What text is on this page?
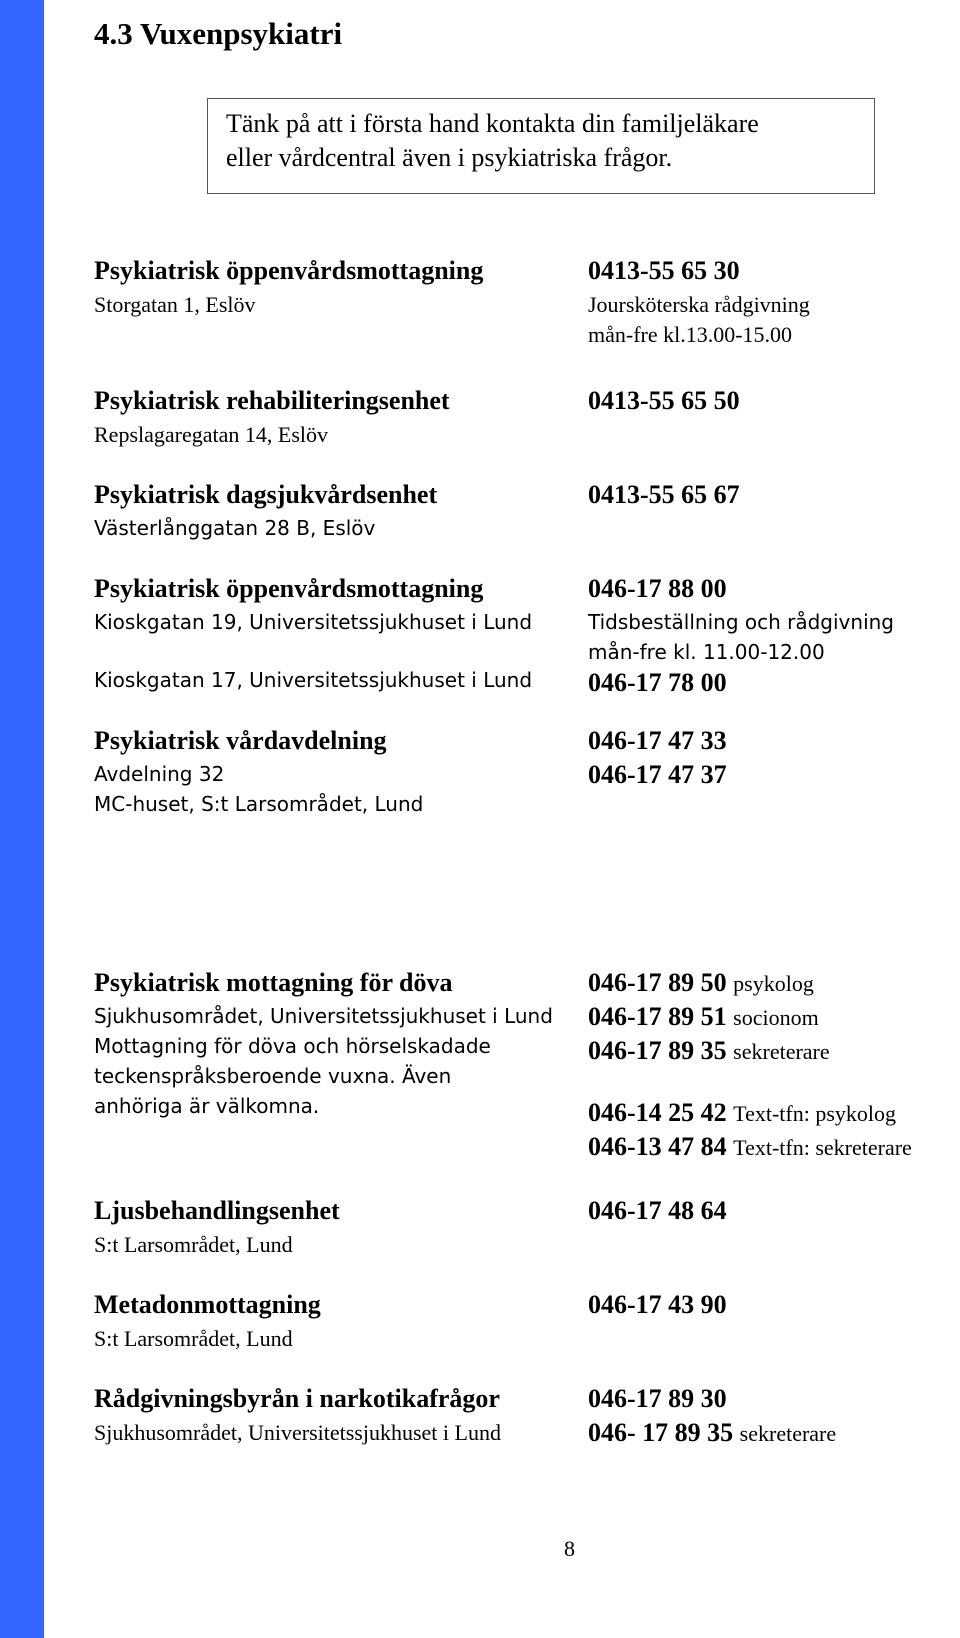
4.3 Vuxenpsykiatri
Tänk på att i första hand kontakta din familjeläkare
eller vårdcentral även i psykiatriska frågor.
Psykiatrisk öppenvårdsmottagning
Storgatan 1, Eslöv
0413-55 65 30
Joursköterska rådgivning
mån-fre kl.13.00-15.00
Psykiatrisk rehabiliteringsenhet
Repslagaregatan 14, Eslöv
0413-55 65 50
Psykiatrisk dagsjukvårdsenhet
Västerlånggatan 28 B, Eslöv
0413-55 65 67
Psykiatrisk öppenvårdsmottagning
Kioskgatan 19, Universitetssjukhuset i Lund
046-17 88 00
Tidsbeställning och rådgivning
mån-fre kl. 11.00-12.00
Kioskgatan 17, Universitetssjukhuset i Lund 046-17 78 00
Psykiatrisk vårdavdelning
Avdelning 32
MC-huset, S:t Larsområdet, Lund
046-17 47 33
046-17 47 37
Psykiatrisk mottagning för döva
Sjukhusområdet, Universitetssjukhuset i Lund
Mottagning för döva och hörselskadade
teckenspråksberoende vuxna. Även
anhöriga är välkomna.
046-17 89 50 psykolog
046-17 89 51 socionom
046-17 89 35 sekreterare
046-14 25 42 Text-tfn: psykolog
046-13 47 84 Text-tfn: sekreterare
Ljusbehandlingsenhet
S:t Larsområdet, Lund
046-17 48 64
Metadonmottagning
S:t Larsområdet, Lund
046-17 43 90
Rådgivningsbyrån i narkotikafrågor
Sjukhusområdet, Universitetssjukhuset i Lund
046-17 89 30
046- 17 89 35 sekreterare
8
